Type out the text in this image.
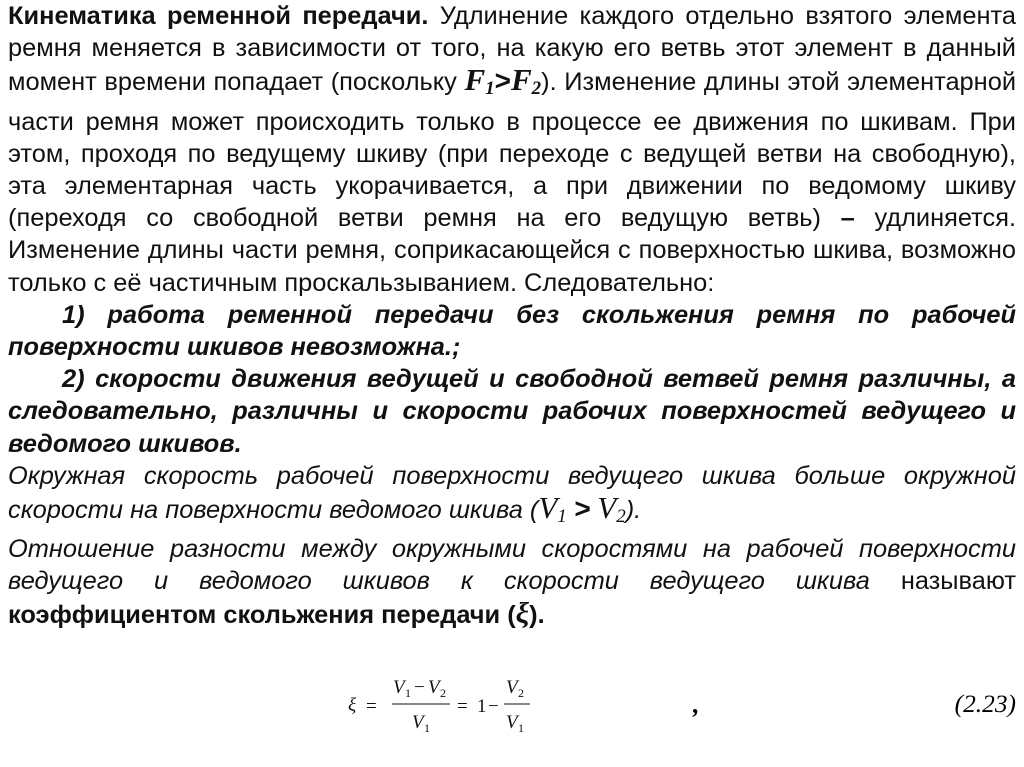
Кинематика ременной передачи. Удлинение каждого отдельно взятого элемента ремня меняется в зависимости от того, на какую его ветвь этот элемент в данный момент времени попадает (поскольку $F_1>F_2$). Изменение длины этой элементарной части ремня может происходить только в процессе ее движения по шкивам. При этом, проходя по ведущему шкиву (при переходе с ведущей ветви на свободную), эта элементарная часть укорачивается, а при движении по ведомому шкиву (переходя со свободной ветви ремня на его ведущую ветвь) – удлиняется. Изменение длины части ремня, соприкасающейся с поверхностью шкива, возможно только с её частичным проскальзыванием. Следовательно:

1) работа ременной передачи без скольжения ремня по рабочей поверхности шкивов невозможна.;

2) скорости движения ведущей и свободной ветвей ремня различны, а следовательно, различны и скорости рабочих поверхностей ведущего и ведомого шкивов.

Окружная скорость рабочей поверхности ведущего шкива больше окружной скорости на поверхности ведомого шкива $(V_1 > V_2)$.

Отношение разности между окружными скоростями на рабочей поверхности ведущего и ведомого шкивов к скорости ведущего шкива называют коэффициентом скольжения передачи (ξ).

ξ =
V 1 − V 2
V 1
= 1 −
V 2
V 1
,	(2.23)
